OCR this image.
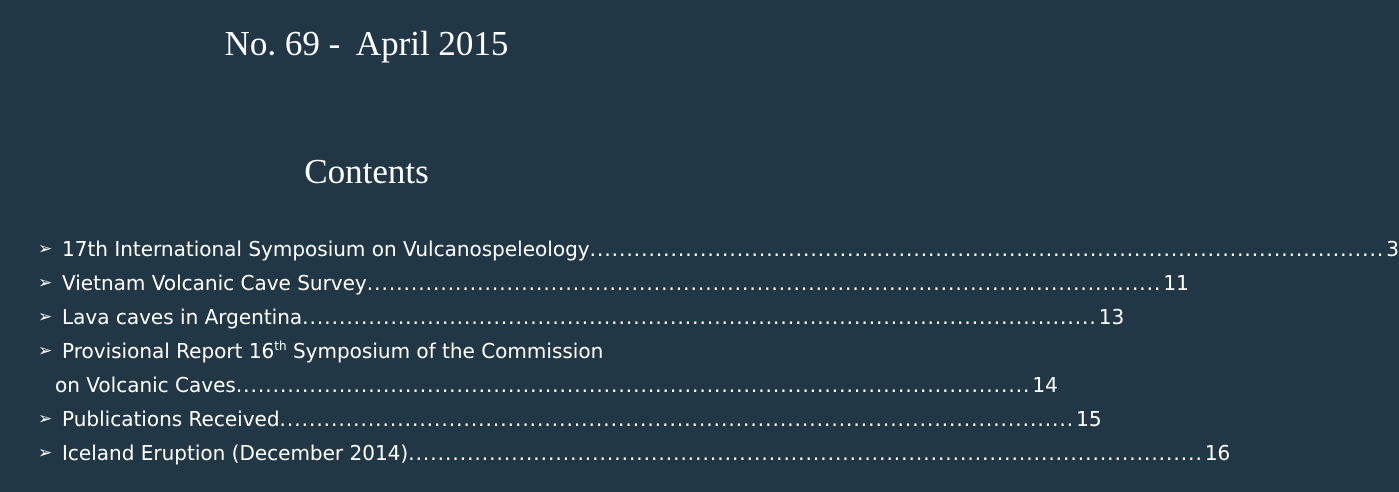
No. 69 -  April 2015
Contents
➢ 17th International Symposium on Vulcanospeleology ............................................................................................................ 3
➢ Vietnam Volcanic Cave Survey ............................................................................................................ 11
➢ Lava caves in Argentina ............................................................................................................ 13
➢ Provisional Report 16th Symposium of the Commission
on Volcanic Caves ............................................................................................................ 14
➢ Publications Received ............................................................................................................ 15
➢ Iceland Eruption (December 2014) ............................................................................................................ 16
